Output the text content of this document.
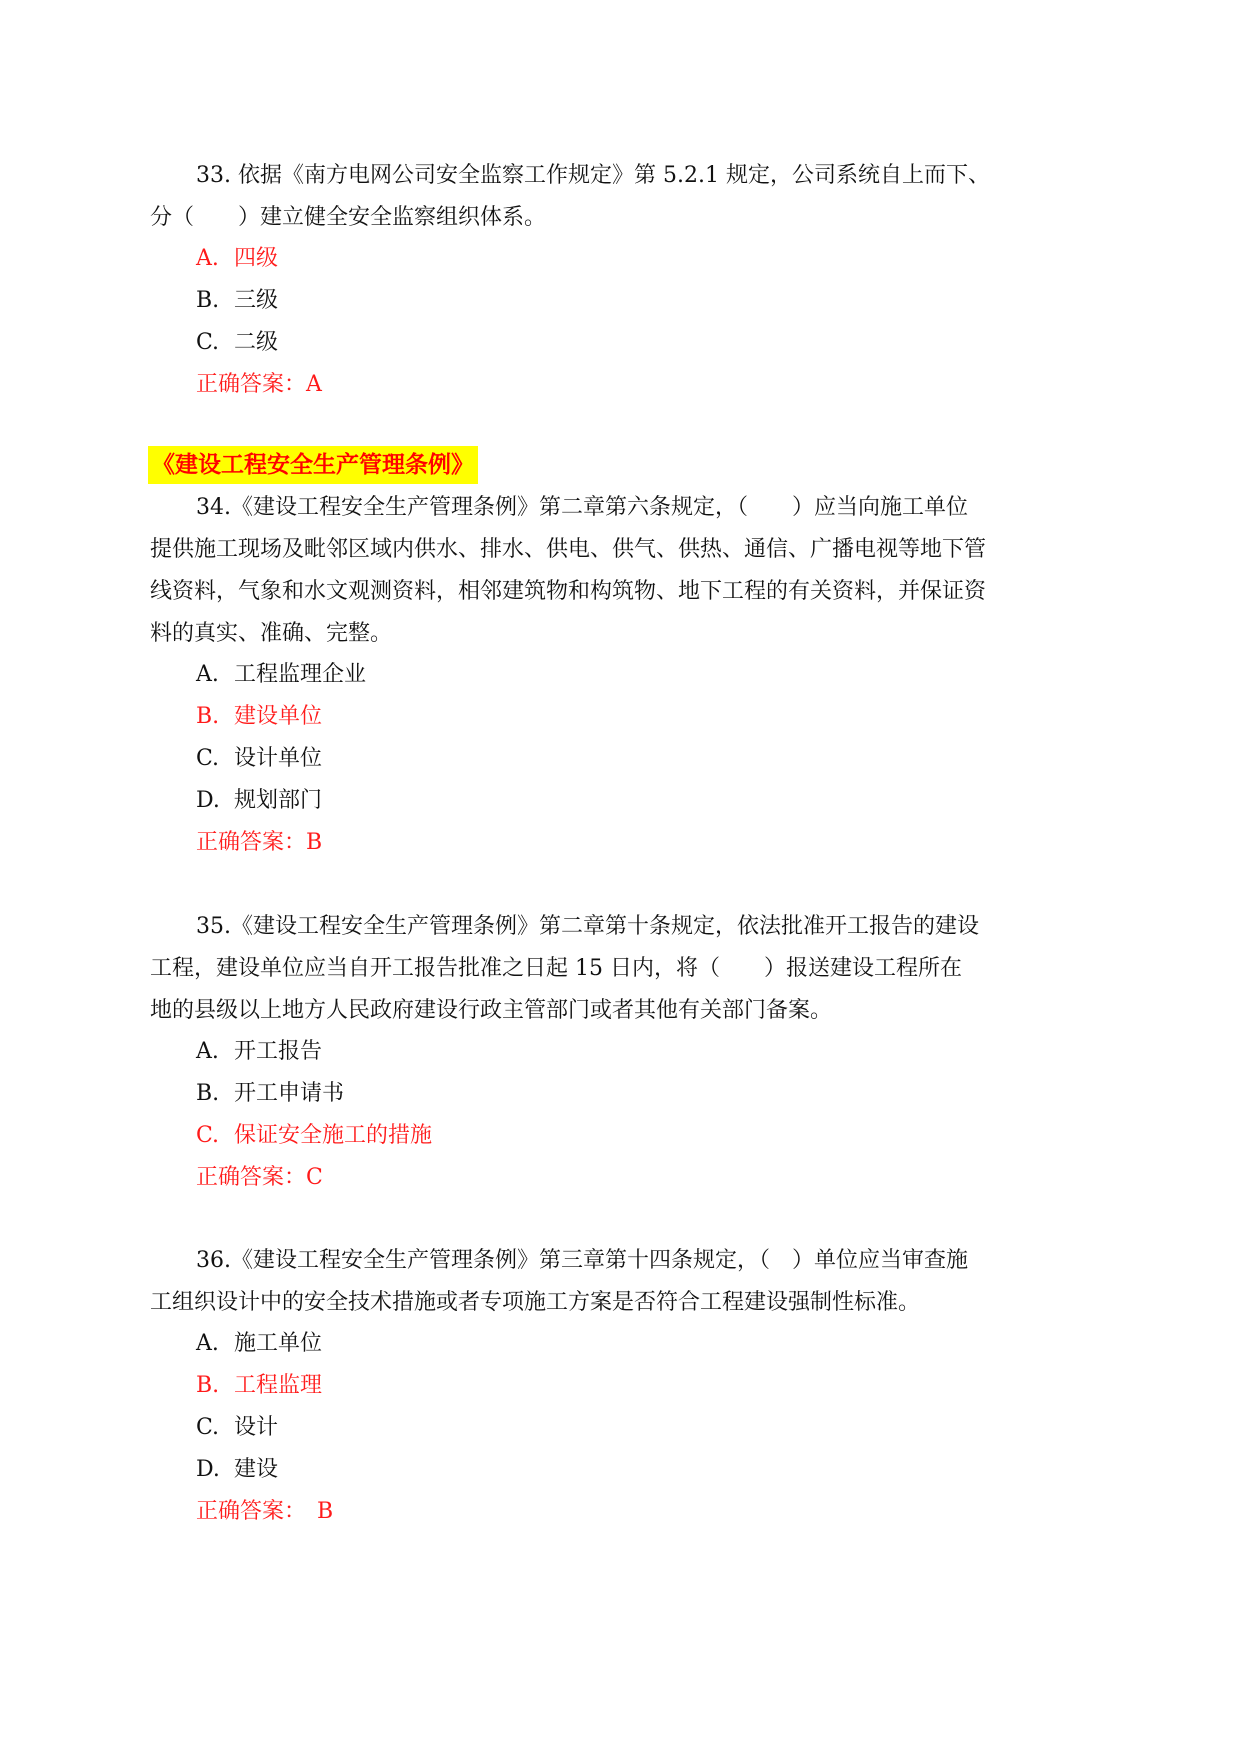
33. 依据《南方电网公司安全监察工作规定》第 5.2.1 规定，公司系统自上而下、
分（　　）建立健全安全监察组织体系。
A. 四级
B. 三级
C. 二级
正确答案：A
《建设工程安全生产管理条例》
34.《建设工程安全生产管理条例》第二章第六条规定，（　　）应当向施工单位
提供施工现场及毗邻区域内供水、排水、供电、供气、供热、通信、广播电视等地下管
线资料，气象和水文观测资料，相邻建筑物和构筑物、地下工程的有关资料，并保证资
料的真实、准确、完整。
A. 工程监理企业
B. 建设单位
C. 设计单位
D. 规划部门
正确答案：B
35.《建设工程安全生产管理条例》第二章第十条规定，依法批准开工报告的建设
工程，建设单位应当自开工报告批准之日起 15 日内，将（　　）报送建设工程所在
地的县级以上地方人民政府建设行政主管部门或者其他有关部门备案。
A. 开工报告
B. 开工申请书
C. 保证安全施工的措施
正确答案：C
36.《建设工程安全生产管理条例》第三章第十四条规定，（　）单位应当审查施
工组织设计中的安全技术措施或者专项施工方案是否符合工程建设强制性标准。
A. 施工单位
B. 工程监理
C. 设计
D. 建设
正确答案：　B
